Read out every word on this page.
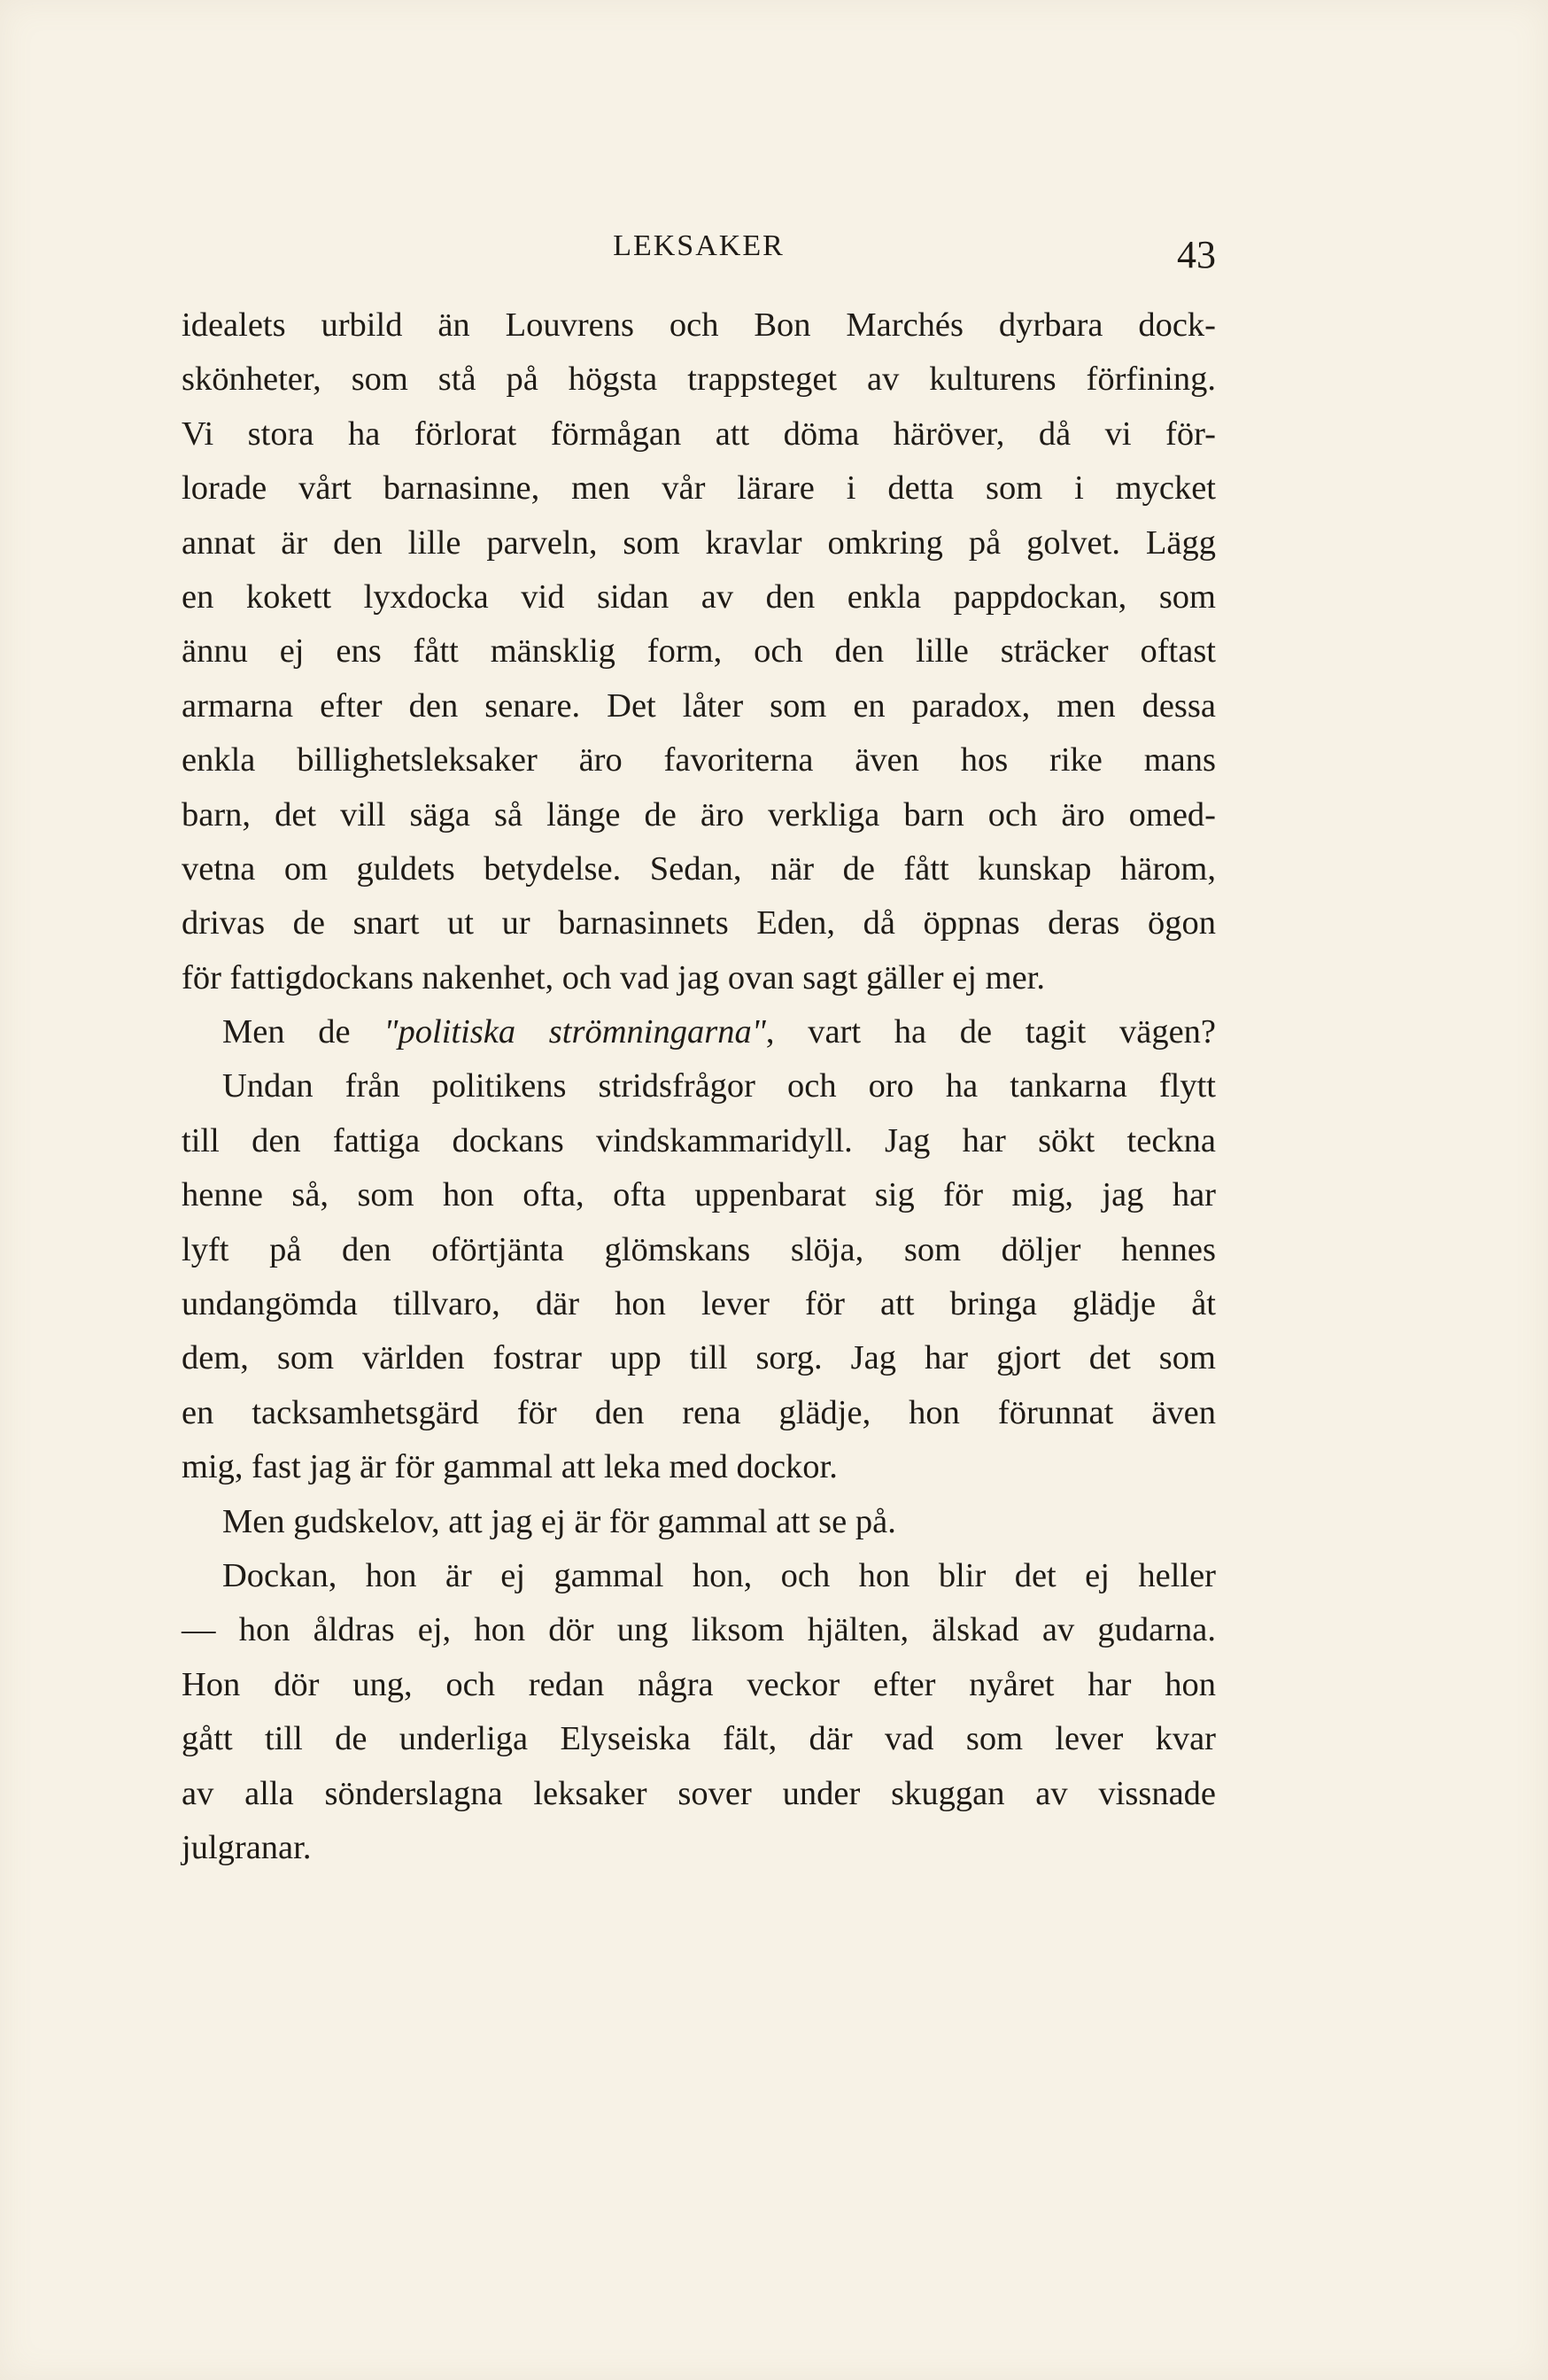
LEKSAKER	43
idealets urbild än Louvrens och Bon Marchés dyrbara dock-
skönheter, som stå på högsta trappsteget av kulturens förfining.
Vi stora ha förlorat förmågan att döma häröver, då vi för-
lorade vårt barnasinne, men vår lärare i detta som i mycket
annat är den lille parveln, som kravlar omkring på golvet. Lägg
en kokett lyxdocka vid sidan av den enkla pappdockan, som
ännu ej ens fått mänsklig form, och den lille sträcker oftast
armarna efter den senare. Det låter som en paradox, men dessa
enkla billighetsleksaker äro favoriterna även hos rike mans
barn, det vill säga så länge de äro verkliga barn och äro omed-
vetna om guldets betydelse. Sedan, när de fått kunskap härom,
drivas de snart ut ur barnasinnets Eden, då öppnas deras ögon
för fattigdockans nakenhet, och vad jag ovan sagt gäller ej mer.
Men de "politiska strömningarna", vart ha de tagit vägen?
Undan från politikens stridsfrågor och oro ha tankarna flytt
till den fattiga dockans vindskammaridyll. Jag har sökt teckna
henne så, som hon ofta, ofta uppenbarat sig för mig, jag har
lyft på den oförtjänta glömskans slöja, som döljer hennes
undangömda tillvaro, där hon lever för att bringa glädje åt
dem, som världen fostrar upp till sorg. Jag har gjort det som
en tacksamhetsgärd för den rena glädje, hon förunnat även
mig, fast jag är för gammal att leka med dockor.
Men gudskelov, att jag ej är för gammal att se på.
Dockan, hon är ej gammal hon, och hon blir det ej heller
— hon åldras ej, hon dör ung liksom hjälten, älskad av gudarna.
Hon dör ung, och redan några veckor efter nyåret har hon
gått till de underliga Elyseiska fält, där vad som lever kvar
av alla sönderslagna leksaker sover under skuggan av vissnade
julgranar.
